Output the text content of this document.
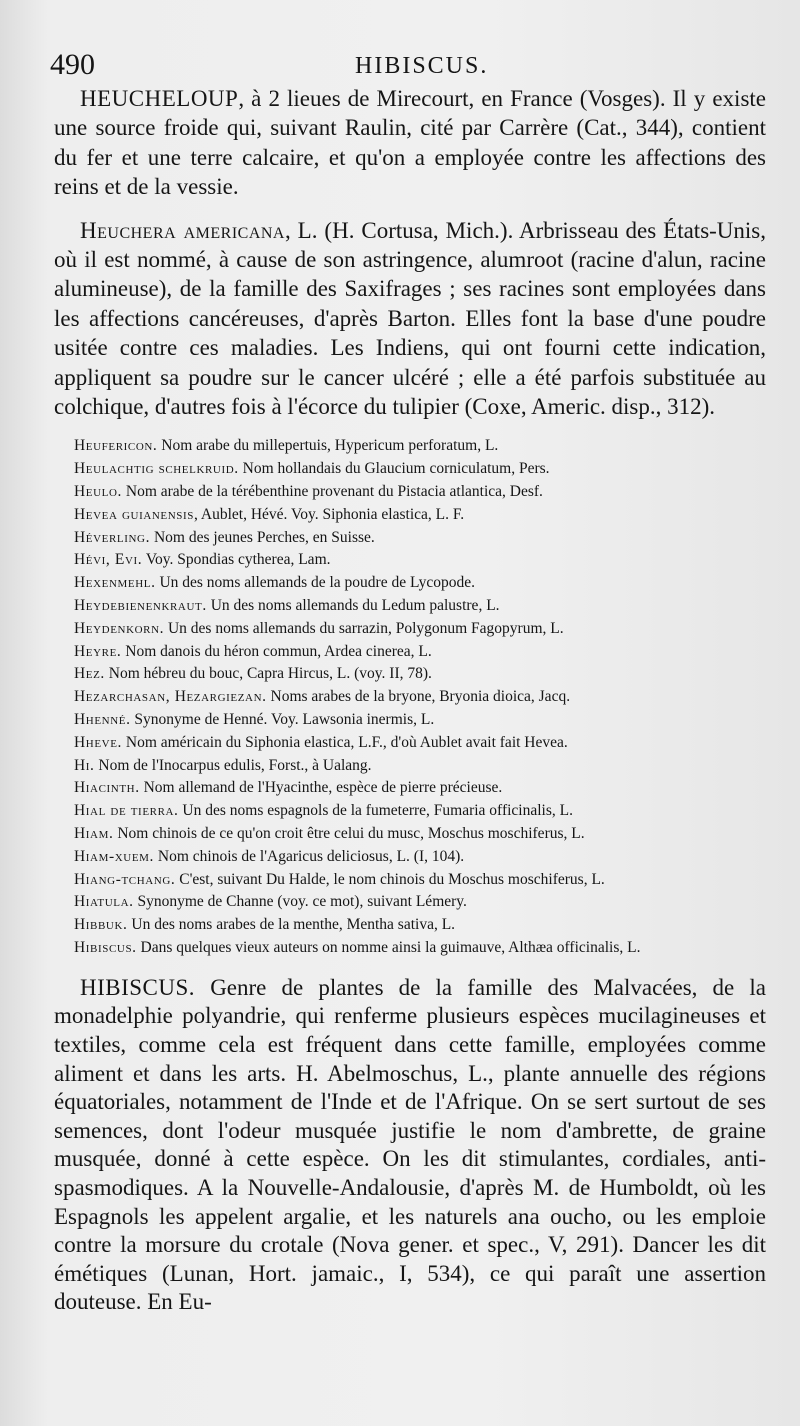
490	HIBISCUS.

HEUCHELOUP, à 2 lieues de Mirecourt, en France (Vosges). Il y existe une source froide qui, suivant Raulin, cité par Carrère (Cat., 344), contient du fer et une terre calcaire, et qu'on a employée contre les affections des reins et de la vessie.

Heuchera americana, L. (H. Cortusa, Mich.). Arbrisseau des États-Unis, où il est nommé, à cause de son astringence, alumroot (racine d'alun, racine alumineuse), de la famille des Saxifrages ; ses racines sont employées dans les affections cancéreuses, d'après Barton. Elles font la base d'une poudre usitée contre ces maladies. Les Indiens, qui ont fourni cette indication, appliquent sa poudre sur le cancer ulcéré ; elle a été parfois substituée au colchique, d'autres fois à l'écorce du tulipier (Coxe, Americ. disp., 312).

Heufericon. Nom arabe du millepertuis, Hypericum perforatum, L.

Heulachtig schelkruid. Nom hollandais du Glaucium corniculatum, Pers.

Heulo. Nom arabe de la térébenthine provenant du Pistacia atlantica, Desf.

Hevea guianensis, Aublet, Hévé. Voy. Siphonia elastica, L. F.

Héverling. Nom des jeunes Perches, en Suisse.

Hévi, Evi. Voy. Spondias cytherea, Lam.

Hexenmehl. Un des noms allemands de la poudre de Lycopode.

Heydebienenkraut. Un des noms allemands du Ledum palustre, L.

Heydenkorn. Un des noms allemands du sarrazin, Polygonum Fagopyrum, L.

Heyre. Nom danois du héron commun, Ardea cinerea, L.

Hez. Nom hébreu du bouc, Capra Hircus, L. (voy. II, 78).

Hezarchasan, Hezargiezan. Noms arabes de la bryone, Bryonia dioica, Jacq.

Hhenné. Synonyme de Henné. Voy. Lawsonia inermis, L.

Hheve. Nom américain du Siphonia elastica, L.F., d'où Aublet avait fait Hevea.

Hi. Nom de l'Inocarpus edulis, Forst., à Ualang.

Hiacinth. Nom allemand de l'Hyacinthe, espèce de pierre précieuse.

Hial de tierra. Un des noms espagnols de la fumeterre, Fumaria officinalis, L.

Hiam. Nom chinois de ce qu'on croit être celui du musc, Moschus moschiferus, L.

Hiam-xuem. Nom chinois de l'Agaricus deliciosus, L. (I, 104).

Hiang-tchang. C'est, suivant Du Halde, le nom chinois du Moschus moschiferus, L.

Hiatula. Synonyme de Channe (voy. ce mot), suivant Lémery.

Hibbuk. Un des noms arabes de la menthe, Mentha sativa, L.

Hibiscus. Dans quelques vieux auteurs on nomme ainsi la guimauve, Althæa officinalis, L.

HIBISCUS. Genre de plantes de la famille des Malvacées, de la monadelphie polyandrie, qui renferme plusieurs espèces mucilagineuses et textiles, comme cela est fréquent dans cette famille, employées comme aliment et dans les arts. H. Abelmoschus, L., plante annuelle des régions équatoriales, notamment de l'Inde et de l'Afrique. On se sert surtout de ses semences, dont l'odeur musquée justifie le nom d'ambrette, de graine musquée, donné à cette espèce. On les dit stimulantes, cordiales, anti-spasmodiques. A la Nouvelle-Andalousie, d'après M. de Humboldt, où les Espagnols les appelent argalie, et les naturels ana oucho, ou les emploie contre la morsure du crotale (Nova gener. et spec., V, 291). Dancer les dit émétiques (Lunan, Hort. jamaic., I, 534), ce qui paraît une assertion douteuse. En Eu-
